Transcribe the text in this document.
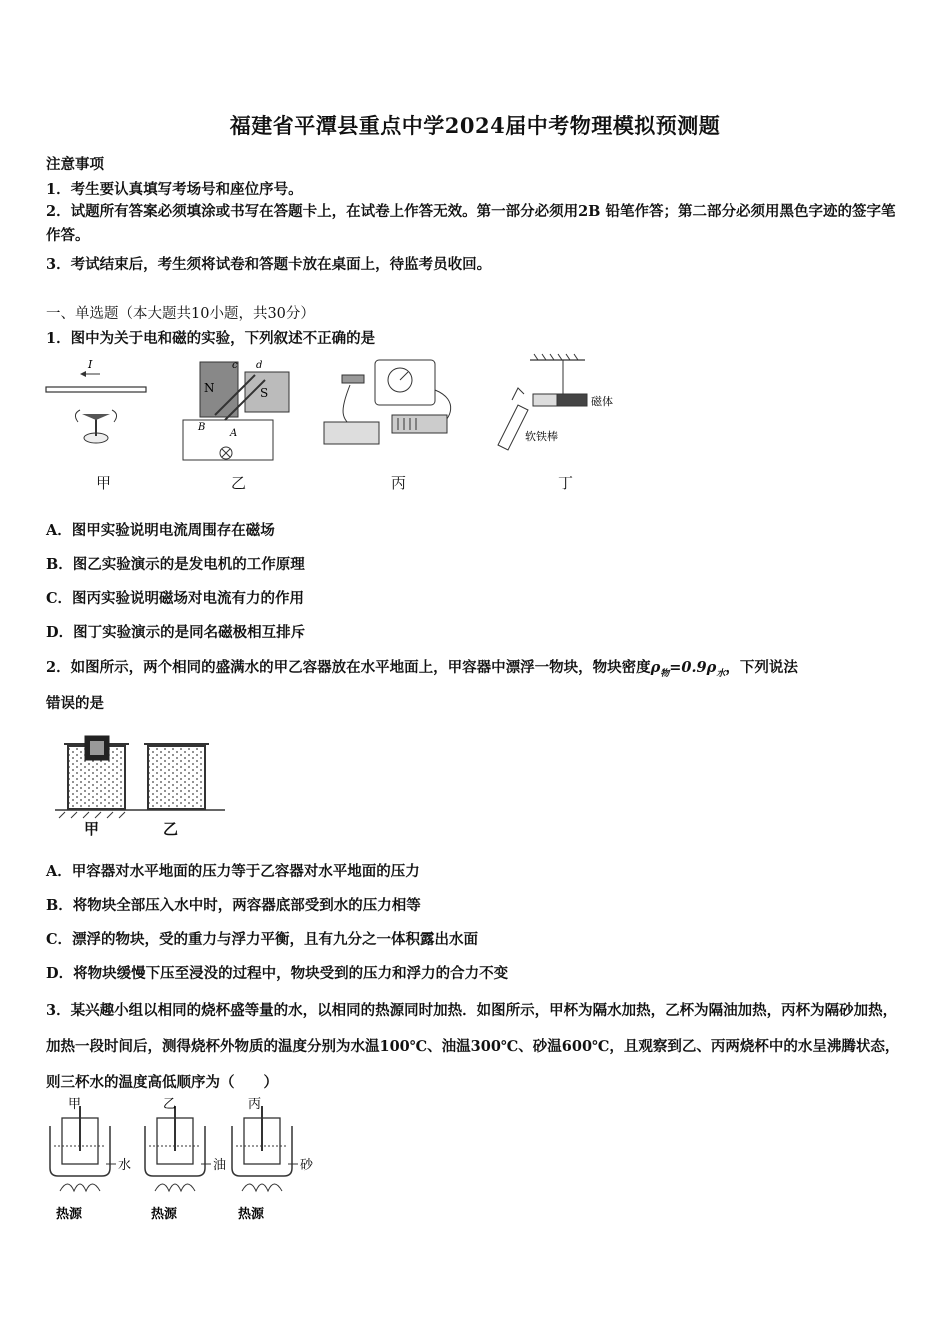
福建省平潭县重点中学2024届中考物理模拟预测题
注意事项
1．考生要认真填写考场号和座位序号。
2．试题所有答案必须填涂或书写在答题卡上，在试卷上作答无效。第一部分必须用2B 铅笔作答；第二部分必须用黑色字迹的签字笔作答。
3．考试结束后，考生须将试卷和答题卡放在桌面上，待监考员收回。
一、单选题（本大题共10小题，共30分）
1．图中为关于电和磁的实验，下列叙述不正确的是
I
N	S
c d
B
A
磁体
软铁棒
甲	乙	丙	丁
A．图甲实验说明电流周围存在磁场
B．图乙实验演示的是发电机的工作原理
C．图丙实验说明磁场对电流有力的作用
D．图丁实验演示的是同名磁极相互排斥
2．如图所示，两个相同的盛满水的甲乙容器放在水平地面上，甲容器中漂浮一物块，物块密度$\rho_物=0.9\rho_水$，下列说法
错误的是
甲	乙
A．甲容器对水平地面的压力等于乙容器对水平地面的压力
B．将物块全部压入水中时，两容器底部受到水的压力相等
C．漂浮的物块，受的重力与浮力平衡，且有九分之一体积露出水面
D．将物块缓慢下压至浸没的过程中，物块受到的压力和浮力的合力不变
3．某兴趣小组以相同的烧杯盛等量的水，以相同的热源同时加热．如图所示，甲杯为隔水加热，乙杯为隔油加热，丙杯为隔砂加热，加热一段时间后，测得烧杯外物质的温度分别为水温100℃、油温300℃、砂温600℃，且观察到乙、丙两烧杯中的水呈沸腾状态，则三杯水的温度高低顺序为（　　）
甲
水
热源
乙
油
热源
丙
砂
热源
